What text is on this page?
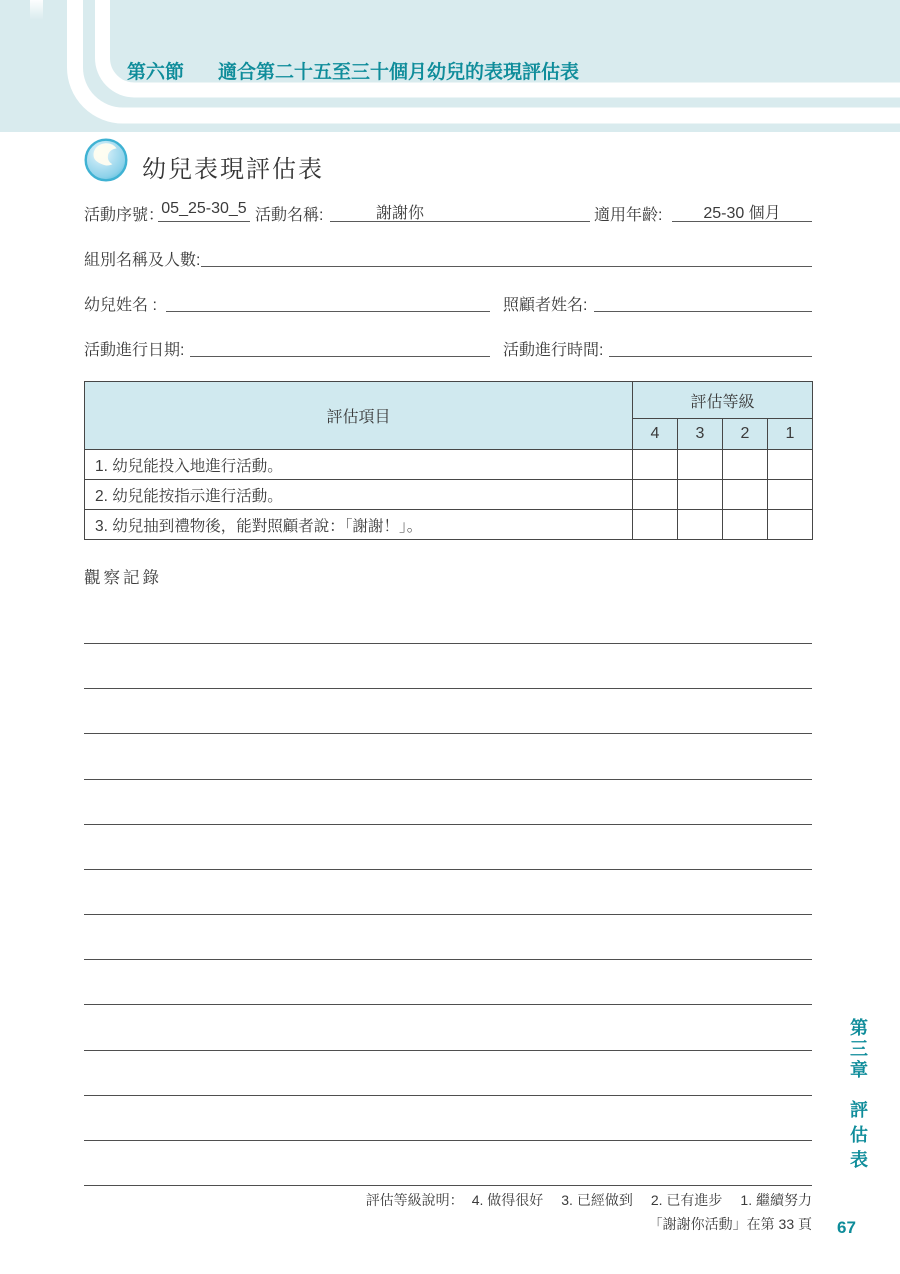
第六節 適合第二十五至三十個月幼兒的表現評估表
幼兒表現評估表
活動序號：
05_25-30_5 活動名稱:	謝謝你	適用年齡:	25-30 個月
組別名稱及人數:
幼兒姓名 :	照顧者姓名:
活動進行日期:	活動進行時間:
評估項目	評估等級			
	4	3	2	1
1. 幼兒能投入地進行活動。				
2. 幼兒能按指示進行活動。				
3. 幼兒抽到禮物後，能對照顧者說：「謝謝！」。				
觀察記錄
第三章
評估表
評估等級說明： 4. 做得很好 3. 已經做到 2. 已有進步 1. 繼續努力
「謝謝你活動」在第 33 頁 67
